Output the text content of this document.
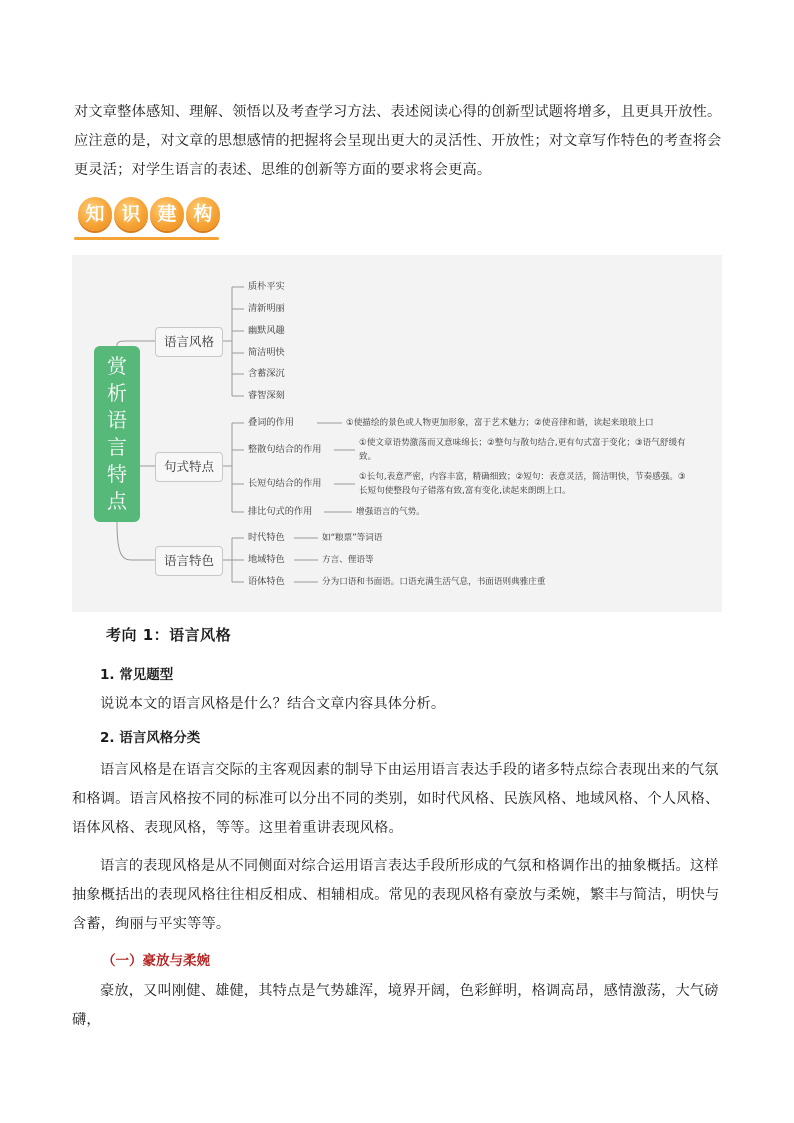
对文章整体感知、理解、领悟以及考查学习方法、表述阅读心得的创新型试题将增多，且更具开放性。应注意的是，对文章的思想感情的把握将会呈现出更大的灵活性、开放性；对文章写作特色的考查将会更灵活；对学生语言的表述、思维的创新等方面的要求将会更高。

知 识 建 构
赏析语言特点
语言风格
句式特点
语言特色
质朴平实
清新明丽
幽默风趣
简洁明快
含蓄深沉
睿智深刻
叠词的作用	①使描绘的景色或人物更加形象，富于艺术魅力；②使音律和谐，读起来琅琅上口
整散句结合的作用
①使文章语势激荡而又意味绵长；②整句与散句结合,更有句式富于变化；③语气舒缓有致。
长短句结合的作用
①长句,表意严密，内容丰富，精确细致；②短句：表意灵活，简洁明快，节奏感强。③长短句使整段句子错落有致,富有变化,读起来朗朗上口。
排比句式的作用	增强语言的气势。
时代特色	如“粮票”等词语
地域特色	方言、俚语等
语体特色	分为口语和书面语。口语充满生活气息，书面语则典雅庄重
考向 1：语言风格
1. 常见题型

说说本文的语言风格是什么？结合文章内容具体分析。

2. 语言风格分类

语言风格是在语言交际的主客观因素的制导下由运用语言表达手段的诸多特点综合表现出来的气氛和格调。语言风格按不同的标准可以分出不同的类别，如时代风格、民族风格、地域风格、个人风格、语体风格、表现风格，等等。这里着重讲表现风格。

语言的表现风格是从不同侧面对综合运用语言表达手段所形成的气氛和格调作出的抽象概括。这样抽象概括出的表现风格往往相反相成、相辅相成。常见的表现风格有豪放与柔婉，繁丰与简洁，明快与含蓄，绚丽与平实等等。

（一）豪放与柔婉

豪放，又叫刚健、雄健，其特点是气势雄浑，境界开阔，色彩鲜明，格调高昂，感情激荡，大气磅礴，
